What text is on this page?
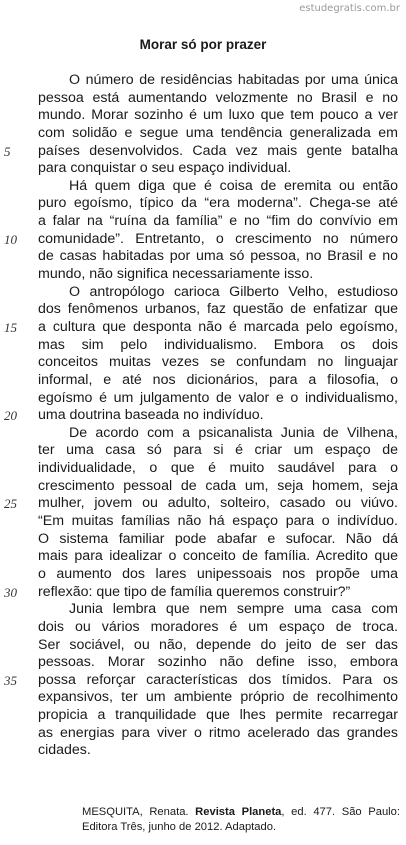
estudegratis.com.br
Morar só por prazer
O número de residências habitadas por uma única
pessoa está aumentando velozmente no Brasil e no
mundo. Morar sozinho é um luxo que tem pouco a ver
com solidão e segue uma tendência generalizada em
5	países desenvolvidos. Cada vez mais gente batalha
para conquistar o seu espaço individual.
Há quem diga que é coisa de eremita ou então
puro egoísmo, típico da “era moderna”. Chega-se até
a falar na “ruína da família” e no “fim do convívio em
10	comunidade”. Entretanto, o crescimento no número
de casas habitadas por uma só pessoa, no Brasil e no
mundo, não significa necessariamente isso.
O antropólogo carioca Gilberto Velho, estudioso
dos fenômenos urbanos, faz questão de enfatizar que
15	a cultura que desponta não é marcada pelo egoísmo,
mas sim pelo individualismo. Embora os dois
conceitos muitas vezes se confundam no linguajar
informal, e até nos dicionários, para a filosofia, o
egoísmo é um julgamento de valor e o individualismo,
20	uma doutrina baseada no indivíduo.
De acordo com a psicanalista Junia de Vilhena,
ter uma casa só para si é criar um espaço de
individualidade, o que é muito saudável para o
crescimento pessoal de cada um, seja homem, seja
25	mulher, jovem ou adulto, solteiro, casado ou viúvo.
“Em muitas famílias não há espaço para o indivíduo.
O sistema familiar pode abafar e sufocar. Não dá
mais para idealizar o conceito de família. Acredito que
o aumento dos lares unipessoais nos propõe uma
30	reflexão: que tipo de família queremos construir?”
Junia lembra que nem sempre uma casa com
dois ou vários moradores é um espaço de troca.
Ser sociável, ou não, depende do jeito de ser das
pessoas. Morar sozinho não define isso, embora
35	possa reforçar características dos tímidos. Para os
expansivos, ter um ambiente próprio de recolhimento
propicia a tranquilidade que lhes permite recarregar
as energias para viver o ritmo acelerado das grandes
cidades.
MESQUITA, Renata. Revista Planeta, ed. 477. São Paulo:
Editora Três, junho de 2012. Adaptado.
